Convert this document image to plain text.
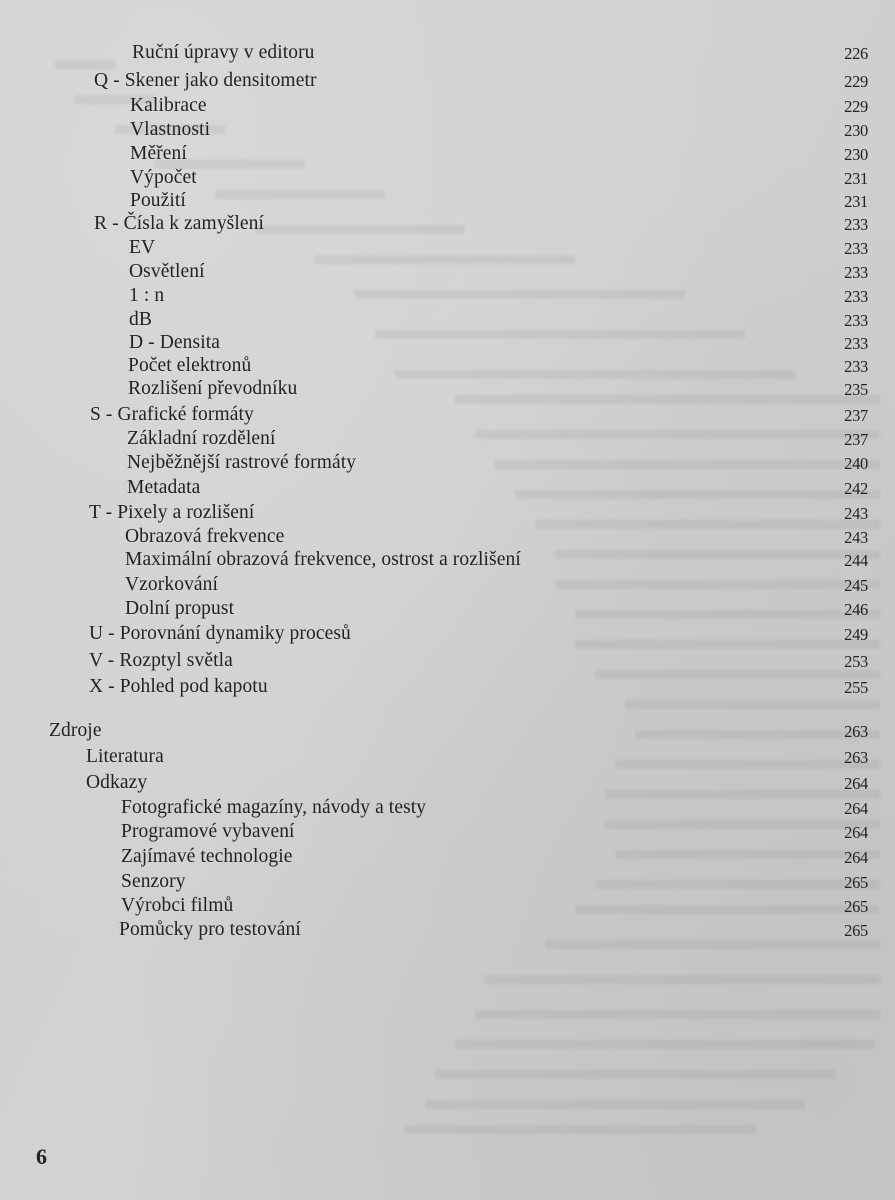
Ruční úpravy v editoru	226
Q - Skener jako densitometr	229
Kalibrace	229
Vlastnosti	230
Měření	230
Výpočet	231
Použití	231
R - Čísla k zamyšlení	233
EV	233
Osvětlení	233
1 : n	233
dB	233
D - Densita	233
Počet elektronů	233
Rozlišení převodníku	235
S - Grafické formáty	237
Základní rozdělení	237
Nejběžnější rastrové formáty	240
Metadata	242
T - Pixely a rozlišení	243
Obrazová frekvence	243
Maximální obrazová frekvence, ostrost a rozlišení	244
Vzorkování	245
Dolní propust	246
U - Porovnání dynamiky procesů	249
V - Rozptyl světla	253
X - Pohled pod kapotu	255
Zdroje	263
Literatura	263
Odkazy	264
Fotografické magazíny, návody a testy	264
Programové vybavení	264
Zajímavé technologie	264
Senzory	265
Výrobci filmů	265
Pomůcky pro testování	265
6
